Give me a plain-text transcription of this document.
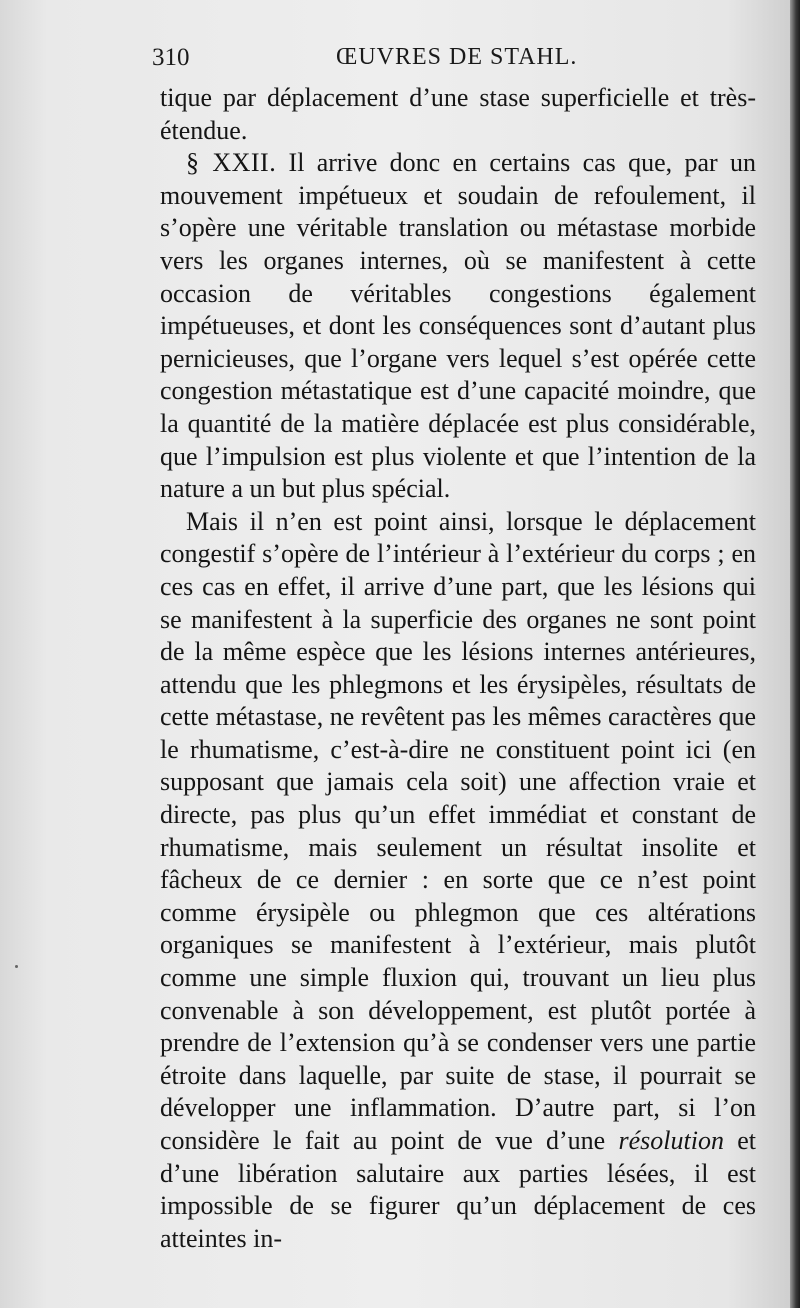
310	ŒUVRES DE STAHL.

tique par déplacement d’une stase superficielle et très-étendue.

§ XXII. Il arrive donc en certains cas que, par un mouvement impétueux et soudain de refoulement, il s’opère une véritable translation ou métastase morbide vers les organes internes, où se manifestent à cette occasion de véritables congestions également impétueuses, et dont les conséquences sont d’autant plus pernicieuses, que l’organe vers lequel s’est opérée cette congestion métastatique est d’une capacité moindre, que la quantité de la matière déplacée est plus considérable, que l’impulsion est plus violente et que l’intention de la nature a un but plus spécial.

Mais il n’en est point ainsi, lorsque le déplacement congestif s’opère de l’intérieur à l’extérieur du corps ; en ces cas en effet, il arrive d’une part, que les lésions qui se manifestent à la superficie des organes ne sont point de la même espèce que les lésions internes antérieures, attendu que les phlegmons et les érysipèles, résultats de cette métastase, ne revêtent pas les mêmes caractères que le rhumatisme, c’est-à-dire ne constituent point ici (en supposant que jamais cela soit) une affection vraie et directe, pas plus qu’un effet immédiat et constant de rhumatisme, mais seulement un résultat insolite et fâcheux de ce dernier : en sorte que ce n’est point comme érysipèle ou phlegmon que ces altérations organiques se manifestent à l’extérieur, mais plutôt comme une simple fluxion qui, trouvant un lieu plus convenable à son développement, est plutôt portée à prendre de l’extension qu’à se condenser vers une partie étroite dans laquelle, par suite de stase, il pourrait se développer une inflammation. D’autre part, si l’on considère le fait au point de vue d’une résolution et d’une libération salutaire aux parties lésées, il est impossible de se figurer qu’un déplacement de ces atteintes in-
